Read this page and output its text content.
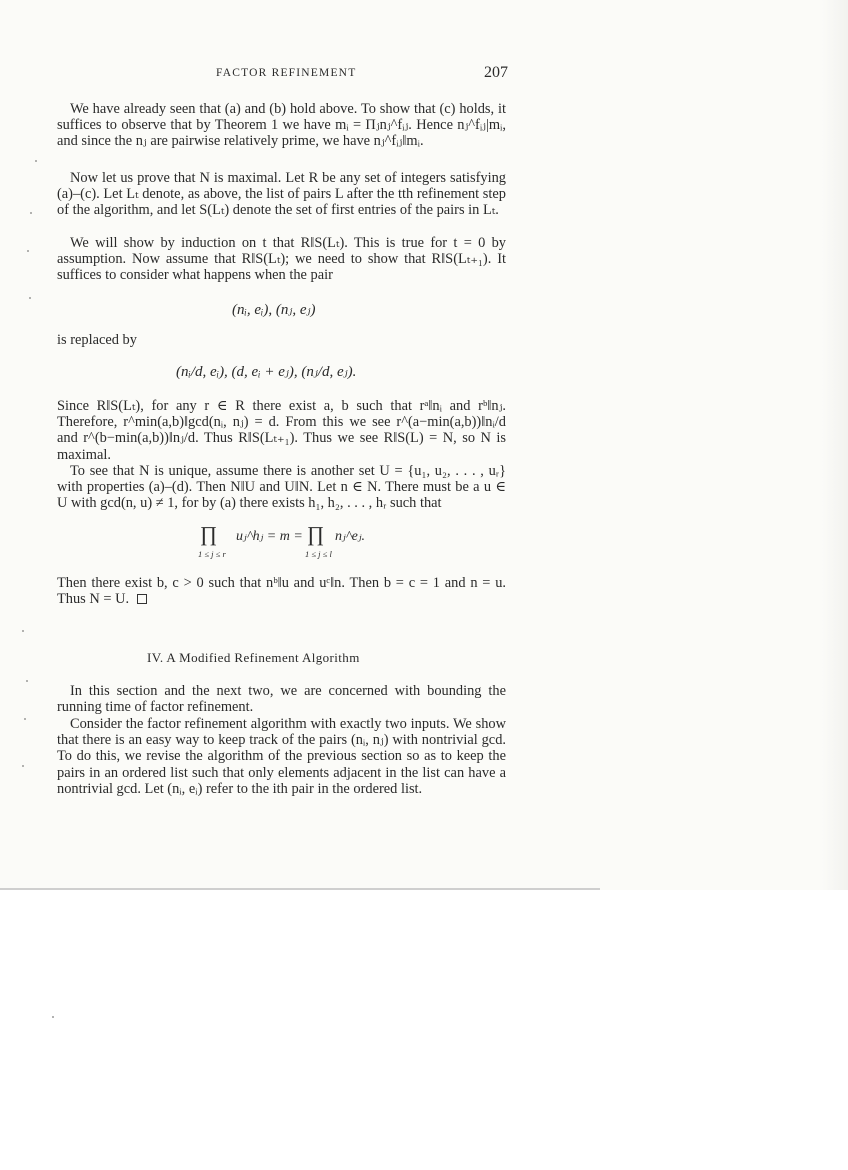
FACTOR REFINEMENT	207

We have already seen that (a) and (b) hold above. To show that (c) holds, it suffices to observe that by Theorem 1 we have mᵢ = Πⱼnⱼ^fᵢⱼ. Hence nⱼ^fᵢⱼ|mᵢ, and since the nⱼ are pairwise relatively prime, we have nⱼ^fᵢⱼ‖mᵢ.

Now let us prove that N is maximal. Let R be any set of integers satisfying (a)–(c). Let Lₜ denote, as above, the list of pairs L after the tth refinement step of the algorithm, and let S(Lₜ) denote the set of first entries of the pairs in Lₜ.

We will show by induction on t that R‖S(Lₜ). This is true for t = 0 by assumption. Now assume that R‖S(Lₜ); we need to show that R‖S(Lₜ₊₁). It suffices to consider what happens when the pair

(nᵢ, eᵢ), (nⱼ, eⱼ)
is replaced by
(nᵢ/d, eᵢ), (d, eᵢ + eⱼ), (nⱼ/d, eⱼ).

Since R‖S(Lₜ), for any r ∈ R there exist a, b such that rᵃ‖nᵢ and rᵇ‖nⱼ. Therefore, r^min(a,b)‖gcd(nᵢ, nⱼ) = d. From this we see r^(a−min(a,b))‖nᵢ/d and r^(b−min(a,b))‖nⱼ/d. Thus R‖S(Lₜ₊₁). Thus we see R‖S(L) = N, so N is maximal.

To see that N is unique, assume there is another set U = {u₁, u₂, . . . , uᵣ} with properties (a)–(d). Then N‖U and U‖N. Let n ∈ N. There must be a u ∈ U with gcd(n, u) ≠ 1, for by (a) there exists h₁, h₂, . . . , hᵣ such that

∏ uⱼ^hⱼ = m = ∏ nⱼ^eⱼ.
1 ≤ j ≤ r	1 ≤ j ≤ l

Then there exist b, c > 0 such that nᵇ‖u and uᶜ‖n. Then b = c = 1 and n = u. Thus N = U.

IV. A Modified Refinement Algorithm

In this section and the next two, we are concerned with bounding the running time of factor refinement.

Consider the factor refinement algorithm with exactly two inputs. We show that there is an easy way to keep track of the pairs (nᵢ, nⱼ) with nontrivial gcd. To do this, we revise the algorithm of the previous section so as to keep the pairs in an ordered list such that only elements adjacent in the list can have a nontrivial gcd. Let (nᵢ, eᵢ) refer to the ith pair in the ordered list.
